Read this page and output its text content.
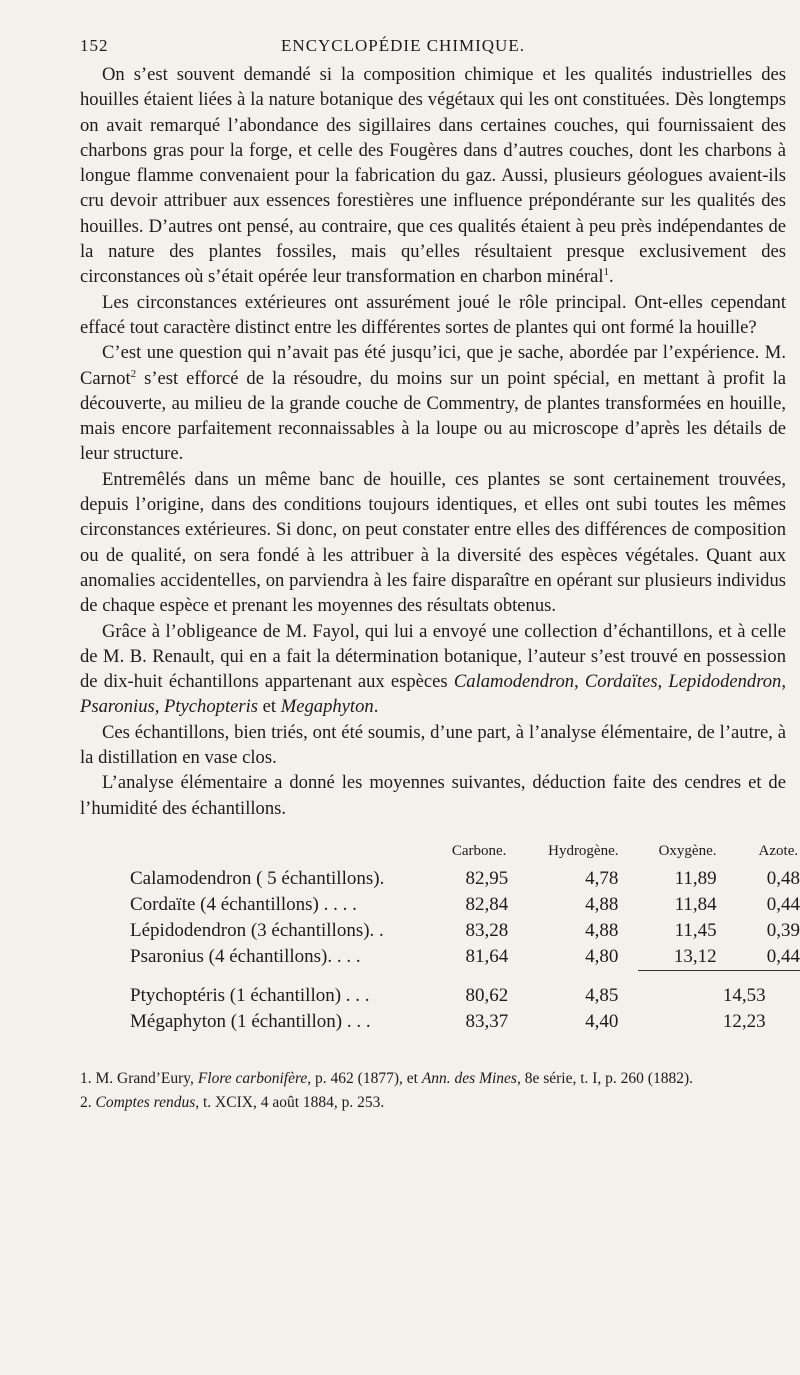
152	ENCYCLOPÉDIE CHIMIQUE.

On s’est souvent demandé si la composition chimique et les qualités industrielles des houilles étaient liées à la nature botanique des végétaux qui les ont constituées. Dès longtemps on avait remarqué l’abondance des sigillaires dans certaines couches, qui fournissaient des charbons gras pour la forge, et celle des Fougères dans d’autres couches, dont les charbons à longue flamme convenaient pour la fabrication du gaz. Aussi, plusieurs géologues avaient-ils cru devoir attribuer aux essences forestières une influence prépondérante sur les qualités des houilles. D’autres ont pensé, au contraire, que ces qualités étaient à peu près indépendantes de la nature des plantes fossiles, mais qu’elles résultaient presque exclusivement des circonstances où s’était opérée leur transformation en charbon minéral$^1$.

Les circonstances extérieures ont assurément joué le rôle principal. Ont-elles cependant effacé tout caractère distinct entre les différentes sortes de plantes qui ont formé la houille?

C’est une question qui n’avait pas été jusqu’ici, que je sache, abordée par l’expérience. M. Carnot$^2$ s’est efforcé de la résoudre, du moins sur un point spécial, en mettant à profit la découverte, au milieu de la grande couche de Commentry, de plantes transformées en houille, mais encore parfaitement reconnaissables à la loupe ou au microscope d’après les détails de leur structure.

Entremêlés dans un même banc de houille, ces plantes se sont certainement trouvées, depuis l’origine, dans des conditions toujours identiques, et elles ont subi toutes les mêmes circonstances extérieures. Si donc, on peut constater entre elles des différences de composition ou de qualité, on sera fondé à les attribuer à la diversité des espèces végétales. Quant aux anomalies accidentelles, on parviendra à les faire disparaître en opérant sur plusieurs individus de chaque espèce et prenant les moyennes des résultats obtenus.

Grâce à l’obligeance de M. Fayol, qui lui a envoyé une collection d’échantillons, et à celle de M. B. Renault, qui en a fait la détermination botanique, l’auteur s’est trouvé en possession de dix-huit échantillons appartenant aux espèces Calamodendron, Cordaïtes, Lepidodendron, Psaronius, Ptychopteris et Megaphyton.

Ces échantillons, bien triés, ont été soumis, d’une part, à l’analyse élémentaire, de l’autre, à la distillation en vase clos.

L’analyse élémentaire a donné les moyennes suivantes, déduction faite des cendres et de l’humidité des échantillons.

	Carbone.	Hydrogène.	Oxygène.	Azote.
Calamodendron ( 5 échantillons).	82,95	4,78	11,89	0,48
Cordaïte (4 échantillons) . . . .	82,84	4,88	11,84	0,44
Lépidodendron (3 échantillons). .	83,28	4,88	11,45	0,39
Psaronius (4 échantillons). . . .	81,64	4,80	13,12	0,44
Ptychoptéris (1 échantillon) . . .	80,62	4,85	14,53	
Mégaphyton (1 échantillon) . . .	83,37	4,40	12,23	

1. M. Grand’Eury, Flore carbonifère, p. 462 (1877), et Ann. des Mines, 8e série, t. I, p. 260 (1882).

2. Comptes rendus, t. XCIX, 4 août 1884, p. 253.
